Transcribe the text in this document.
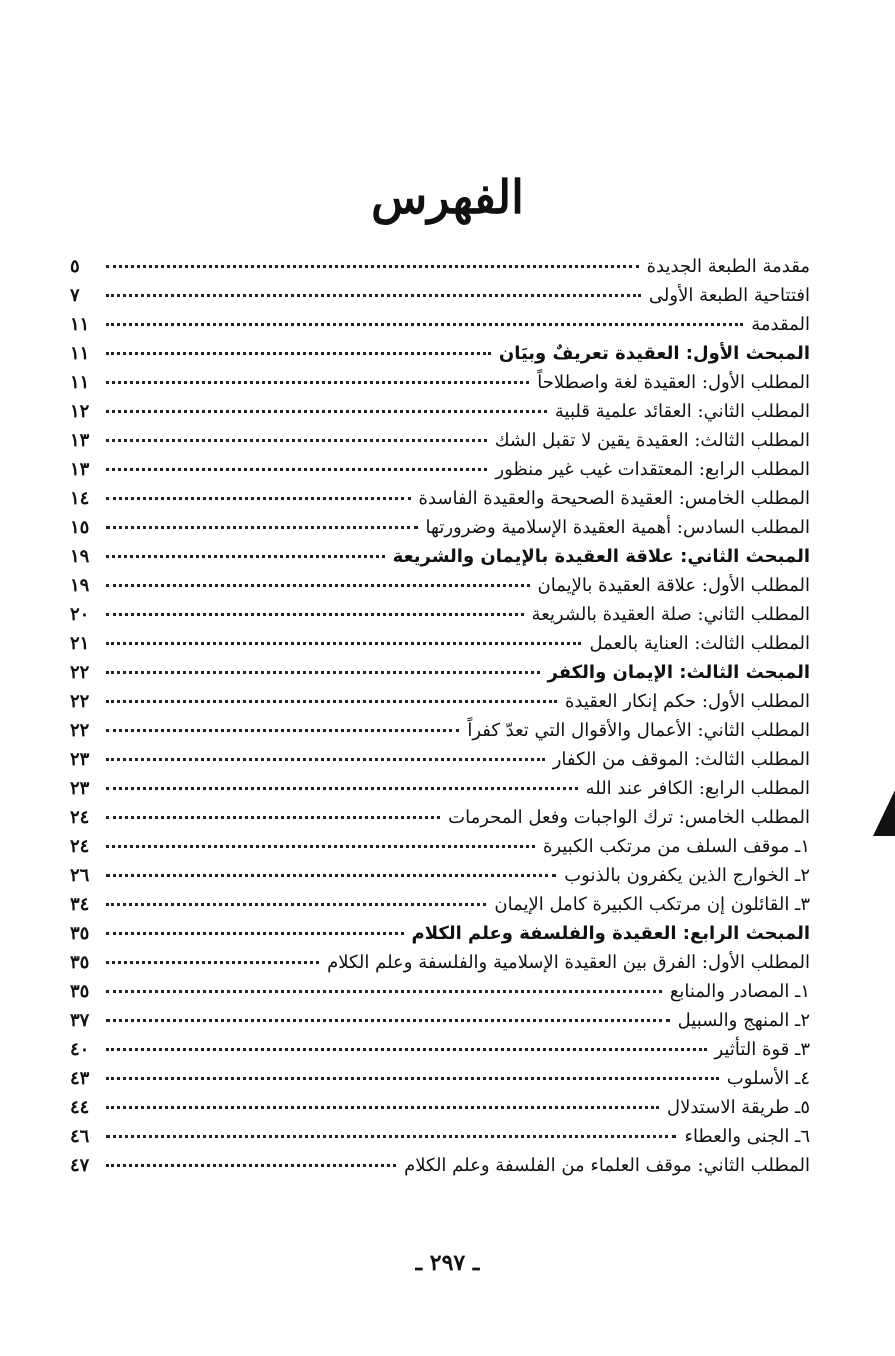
الفهرس
مقدمة الطبعة الجديدة
٥
افتتاحية الطبعة الأولى
٧
المقدمة
١١
المبحث الأول: العقيدة تعريفٌ وبيَان
١١
المطلب الأول: العقيدة لغة واصطلاحاً
١١
المطلب الثاني: العقائد علمية قلبية
١٢
المطلب الثالث: العقيدة يقين لا تقبل الشك
١٣
المطلب الرابع: المعتقدات غيب غير منظور
١٣
المطلب الخامس: العقيدة الصحيحة والعقيدة الفاسدة
١٤
المطلب السادس: أهمية العقيدة الإسلامية وضرورتها
١٥
المبحث الثاني: علاقة العقيدة بالإيمان والشريعة
١٩
المطلب الأول: علاقة العقيدة بالإيمان
١٩
المطلب الثاني: صلة العقيدة بالشريعة
٢٠
المطلب الثالث: العناية بالعمل
٢١
المبحث الثالث: الإيمان والكفر
٢٢
المطلب الأول: حكم إنكار العقيدة
٢٢
المطلب الثاني: الأعمال والأقوال التي تعدّ كفراً
٢٢
المطلب الثالث: الموقف من الكفار
٢٣
المطلب الرابع: الكافر عند الله
٢٣
المطلب الخامس: ترك الواجبات وفعل المحرمات
٢٤
١ـ موقف السلف من مرتكب الكبيرة
٢٤
٢ـ الخوارج الذين يكفرون بالذنوب
٢٦
٣ـ القائلون إن مرتكب الكبيرة كامل الإيمان
٣٤
المبحث الرابع: العقيدة والفلسفة وعلم الكلام
٣٥
المطلب الأول: الفرق بين العقيدة الإسلامية والفلسفة وعلم الكلام
٣٥
١ـ المصادر والمنابع
٣٥
٢ـ المنهج والسبيل
٣٧
٣ـ قوة التأثير
٤٠
٤ـ الأسلوب
٤٣
٥ـ طريقة الاستدلال
٤٤
٦ـ الجنى والعطاء
٤٦
المطلب الثاني: موقف العلماء من الفلسفة وعلم الكلام
٤٧
ـ ٢٩٧ ـ
